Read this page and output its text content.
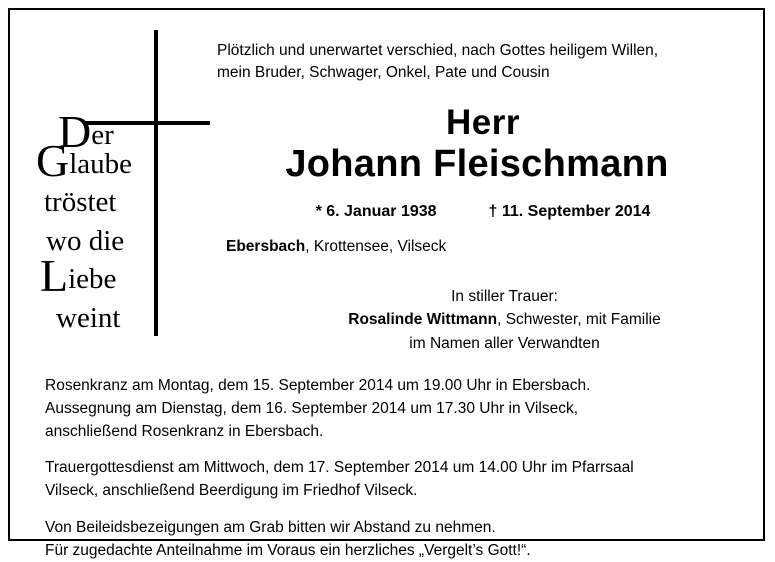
Der
Glaube
tröstet
wo die
Liebe
weint
Plötzlich und unerwartet verschied, nach Gottes heiligem Willen,
mein Bruder, Schwager, Onkel, Pate und Cousin
Herr
Johann Fleischmann
* 6. Januar 1938	† 11. September 2014
Ebersbach, Krottensee, Vilseck
In stiller Trauer:
Rosalinde Wittmann, Schwester, mit Familie
im Namen aller Verwandten

Rosenkranz am Montag, dem 15. September 2014 um 19.00 Uhr in Ebersbach.
Aussegnung am Dienstag, dem 16. September 2014 um 17.30 Uhr in Vilseck,
anschließend Rosenkranz in Ebersbach.

Trauergottesdienst am Mittwoch, dem 17. September 2014 um 14.00 Uhr im Pfarrsaal
Vilseck, anschließend Beerdigung im Friedhof Vilseck.

Von Beileidsbezeigungen am Grab bitten wir Abstand zu nehmen.
Für zugedachte Anteilnahme im Voraus ein herzliches „Vergelt’s Gott!“.
